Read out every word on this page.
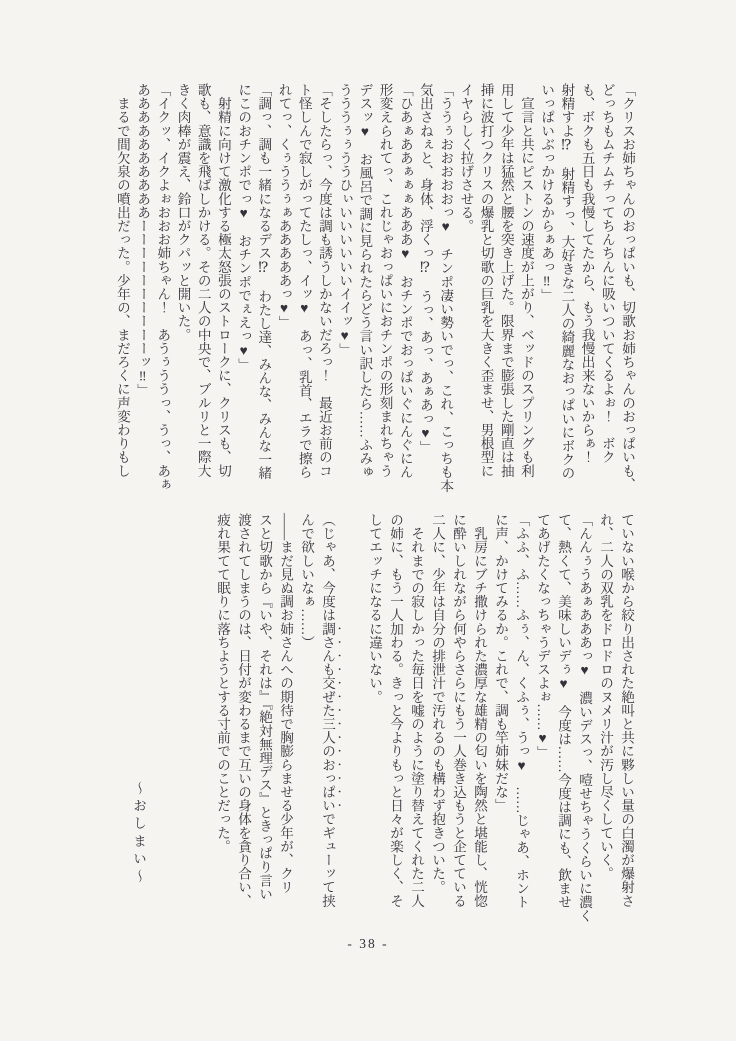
「クリスお姉ちゃんのおっぱいも、切歌お姉ちゃんのおっぱいも、
どっちもムチムチってちんちんに吸いついてくるよぉ！　ボク
も、ボクも五日も我慢してたから、もう我慢出来ないからぁ！
射精すよ⁉　射精すっ、大好きな二人の綺麗なおっぱいにボクの
いっぱいぶっかけるからぁあっ‼」
　宣言と共にピストンの速度が上がり、ベッドのスプリングも利
用して少年は猛然と腰を突き上げた。限界まで膨張した剛直は抽
挿に波打つクリスの爆乳と切歌の巨乳を大きく歪ませ、男根型に
イヤらしく拉げさせる。
「ううぅおおおおおっ♥　チンポ凄い勢いでっ、これ、こっちも本
気出さねぇと、身体、浮くっ⁉　うっ、あっ、あぁあっ♥」
「ひあぁああぁぁぁあああ♥　おチンポでおっぱいぐにんぐにん
形変えられてっ、これじゃおっぱいにおチンポの形刻まれちゃう
デスッ♥　お風呂で調に見られたらどう言い訳したら……ふみゅ
うううぅぅううひぃいいいいいいイイッ♥」
「そしたらっ、今度は調も誘うしかないだろっ！　最近お前のコ
ト怪しんで寂しがってたしっ、イッ♥　あっ、乳首、エラで擦ら
れてっ、くぅううぅぁあああああっ♥」
「調っ、調も一緒になるデス⁉　わたし達、みんな、みんな一緒
にこのおチンポでっ♥　おチンポでぇえっ♥」
　射精に向けて激化する極太怒張のストロークに、クリスも、切
歌も、意識を飛ばしかける。その二人の中央で、ブルリと一際大
きく肉棒が震え、鈴口がクパッと開いた。
「イクッ、イクよぉおおお姉ちゃん！　あうぅううっ、うっ、あぁ
ああああああああああーーーーーーーーーーッ‼」
　まるで間欠泉の噴出だった。少年の、まだろくに声変わりもし
ていない喉から絞り出された絶叫と共に夥しい量の白濁が爆射さ
れ、二人の双乳をドロドロのヌメリ汁が汚し尽くしていく。
「んんぅうあぁあああっ♥　濃いデスっ、噎せちゃうくらいに濃く
て、熱くて、美味しいデぅ♥　今度は……今度は調にも、飲ませ
てあげたくなっちゃうデスよぉ……♥」
「ふふ、ふ……ふぅ、ん、くふぅ、うっ♥　……じゃあ、ホント
に声、かけてみるか。これで、調も竿姉妹だな」
　乳房にブチ撒けられた濃厚な雄精の匂いを陶然と堪能し、恍惚
に酔いしれながら何やらさらにもう一人巻き込もうと企てている
二人に、少年は自分の排泄汁で汚れるのも構わず抱きついた。
　それまでの寂しかった毎日を嘘のように塗り替えてくれた二人
の姉に、もう一人加わる。きっと今よりもっと日々が楽しく、そ
してエッチになるに違いない。
（じゃあ、今度は調さんも交ぜた三人のおっぱいでギューッて挟
んで欲しいなぁ……）
――まだ見ぬ調お姉さんへの期待で胸膨らませる少年が、クリ
スと切歌から『いや、それは』『絶対無理デス』ときっぱり言い
渡されてしまうのは、日付が変わるまで互いの身体を貪り合い、
疲れ果てて眠りに落ちようとする寸前でのことだった。
～おしまい～
- 38 -
